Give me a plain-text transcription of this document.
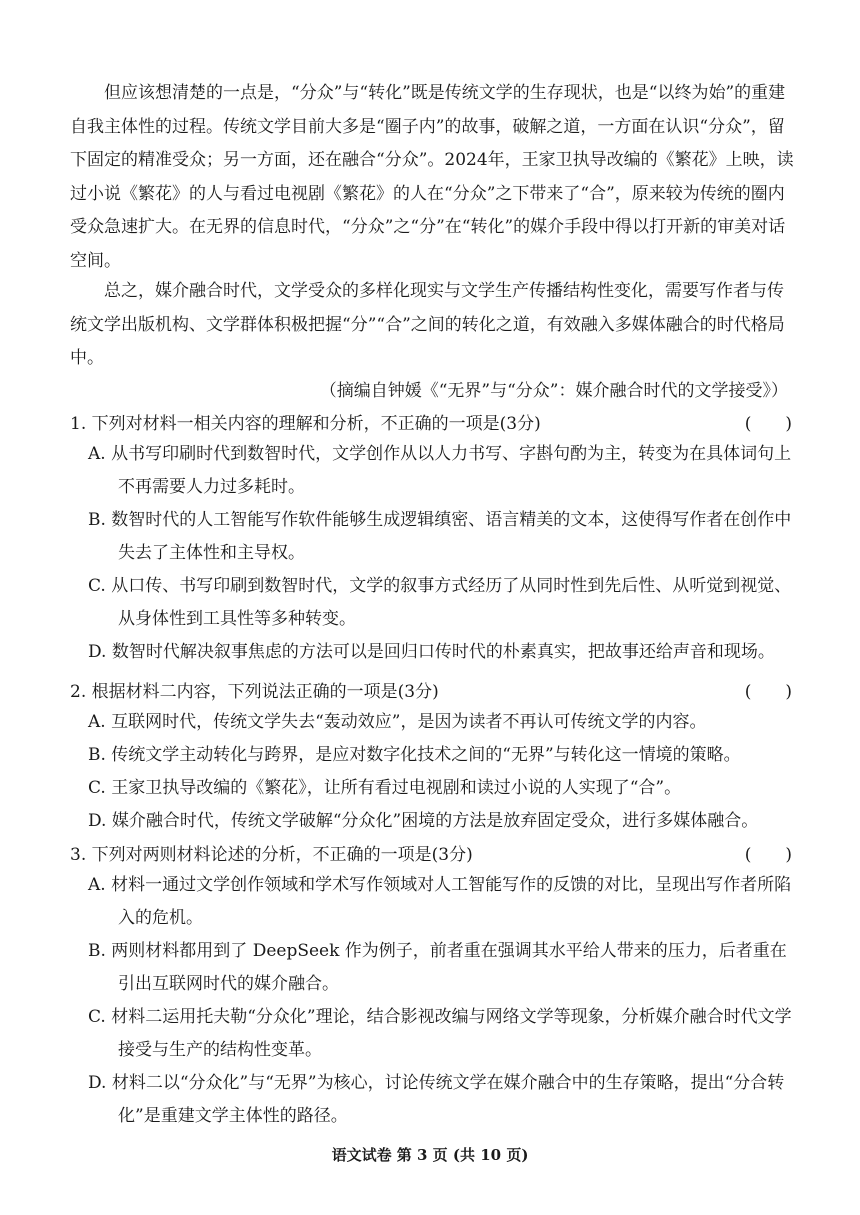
　　但应该想清楚的一点是，“分众”与“转化”既是传统文学的生存现状，也是“以终为始”的重建自我主体性的过程。传统文学目前大多是“圈子内”的故事，破解之道，一方面在认识“分众”，留下固定的精准受众；另一方面，还在融合“分众”。2024年，王家卫执导改编的《繁花》上映，读过小说《繁花》的人与看过电视剧《繁花》的人在“分众”之下带来了“合”，原来较为传统的圈内受众急速扩大。在无界的信息时代，“分众”之“分”在“转化”的媒介手段中得以打开新的审美对话空间。

　　总之，媒介融合时代，文学受众的多样化现实与文学生产传播结构性变化，需要写作者与传统文学出版机构、文学群体积极把握“分”“合”之间的转化之道，有效融入多媒体融合的时代格局中。

（摘编自钟媛《“无界”与“分众”：媒介融合时代的文学接受》）
1. 下列对材料一相关内容的理解和分析，不正确的一项是(3分)	(　　)
A. 从书写印刷时代到数智时代，文学创作从以人力书写、字斟句酌为主，转变为在具体词句上不再需要人力过多耗时。
B. 数智时代的人工智能写作软件能够生成逻辑缜密、语言精美的文本，这使得写作者在创作中失去了主体性和主导权。
C. 从口传、书写印刷到数智时代，文学的叙事方式经历了从同时性到先后性、从听觉到视觉、从身体性到工具性等多种转变。
D. 数智时代解决叙事焦虑的方法可以是回归口传时代的朴素真实，把故事还给声音和现场。
2. 根据材料二内容，下列说法正确的一项是(3分)	(　　)
A. 互联网时代，传统文学失去“轰动效应”，是因为读者不再认可传统文学的内容。
B. 传统文学主动转化与跨界，是应对数字化技术之间的“无界”与转化这一情境的策略。
C. 王家卫执导改编的《繁花》，让所有看过电视剧和读过小说的人实现了“合”。
D. 媒介融合时代，传统文学破解“分众化”困境的方法是放弃固定受众，进行多媒体融合。
3. 下列对两则材料论述的分析，不正确的一项是(3分)	(　　)
A. 材料一通过文学创作领域和学术写作领域对人工智能写作的反馈的对比，呈现出写作者所陷入的危机。
B. 两则材料都用到了 DeepSeek 作为例子，前者重在强调其水平给人带来的压力，后者重在引出互联网时代的媒介融合。
C. 材料二运用托夫勒“分众化”理论，结合影视改编与网络文学等现象，分析媒介融合时代文学接受与生产的结构性变革。
D. 材料二以“分众化”与“无界”为核心，讨论传统文学在媒介融合中的生存策略，提出“分合转化”是重建文学主体性的路径。
语文试卷 第 3 页 (共 10 页)
